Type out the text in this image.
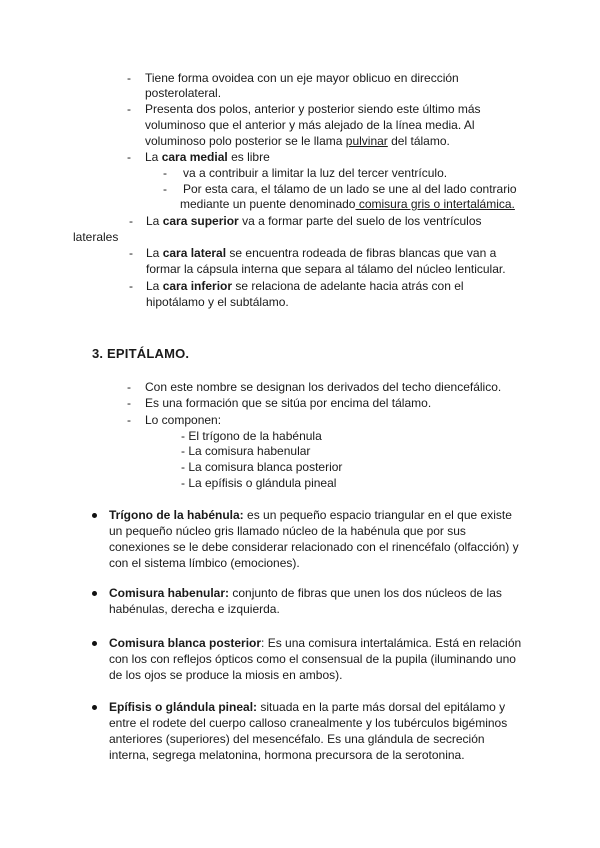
- Tiene forma ovoidea con un eje mayor oblicuo en dirección
posterolateral.
- Presenta dos polos, anterior y posterior siendo este último más
voluminoso que el anterior y más alejado de la línea media. Al
voluminoso polo posterior se le llama pulvinar del tálamo.
- La cara medial es libre
- va a contribuir a limitar la luz del tercer ventrículo.
- Por esta cara, el tálamo de un lado se une al del lado contrario
mediante un puente denominado comisura gris o intertalámica.
- La cara superior va a formar parte del suelo de los ventrículos
laterales
- La cara lateral se encuentra rodeada de fibras blancas que van a
formar la cápsula interna que separa al tálamo del núcleo lenticular.
- La cara inferior se relaciona de adelante hacia atrás con el
hipotálamo y el subtálamo.
3. EPITÁLAMO.
- Con este nombre se designan los derivados del techo diencefálico.
- Es una formación que se sitúa por encima del tálamo.
- Lo componen:
- El trígono de la habénula
- La comisura habenular
- La comisura blanca posterior
- La epífisis o glándula pineal
Trígono de la habénula: es un pequeño espacio triangular en el que existe
un pequeño núcleo gris llamado núcleo de la habénula que por sus
conexiones se le debe considerar relacionado con el rinencéfalo (olfacción) y
con el sistema límbico (emociones).
Comisura habenular: conjunto de fibras que unen los dos núcleos de las
habénulas, derecha e izquierda.
Comisura blanca posterior: Es una comisura intertalámica. Está en relación
con los con reflejos ópticos como el consensual de la pupila (iluminando uno
de los ojos se produce la miosis en ambos).
Epífisis o glándula pineal: situada en la parte más dorsal del epitálamo y
entre el rodete del cuerpo calloso cranealmente y los tubérculos bigéminos
anteriores (superiores) del mesencéfalo. Es una glándula de secreción
interna, segrega melatonina, hormona precursora de la serotonina.
